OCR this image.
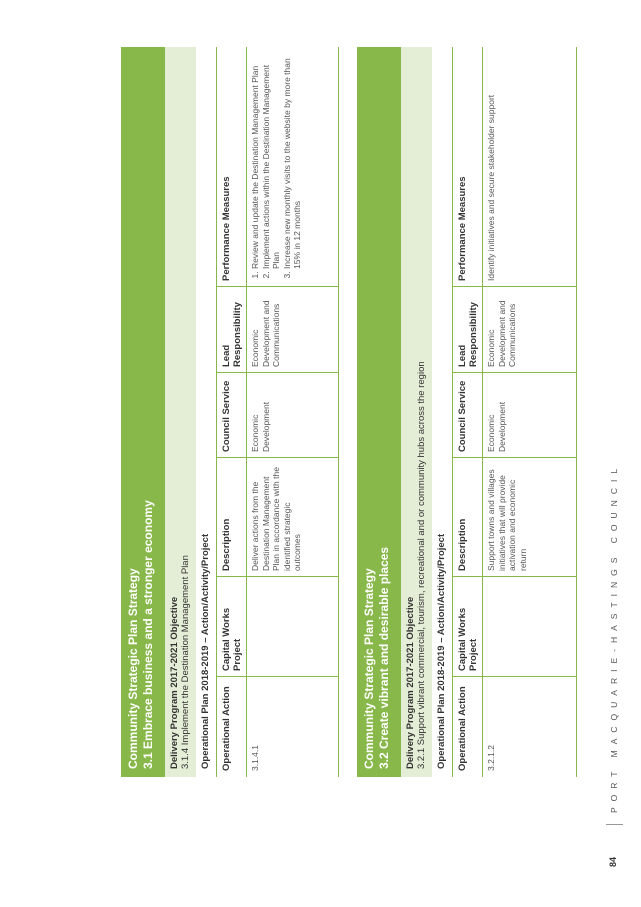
Community Strategic Plan Strategy 3.1 Embrace business and a stronger economy Delivery Program 2017-2021 Objective 3.1.4 Implement the Destination Management Plan Operational Plan 2018-2019 – Action/Activity/Project	Operational Action
Capital Works Project
Description
Council Service
Lead Responsibility
Performance Measures
3.1.4.1
Deliver actions from the Destination Management Plan in accordance with the identified strategic outcomes
Economic Development
Economic Development and Communications
1. Review and update the Destination Management Plan 2. Implement actions within the Destination Management Plan 3. Increase new monthly visits to the website by more than 15% in 12 months
Community Strategic Plan Strategy 3.2 Create vibrant and desirable places Delivery Program 2017-2021 Objective 3.2.1 Support vibrant commercial, tourism, recreational and or community hubs across the region Operational Plan 2018-2019 – Action/Activity/Project	Operational Action
Capital Works Project
Description
Council Service
Lead Responsibility
Performance Measures
3.2.1.2
Support towns and villages initiatives that will provide activation and economic return
Economic Development
Economic Development and Communications
Identify initiatives and secure stakeholder support
84
PORT MACQUARIE-HASTINGS COUNCIL
